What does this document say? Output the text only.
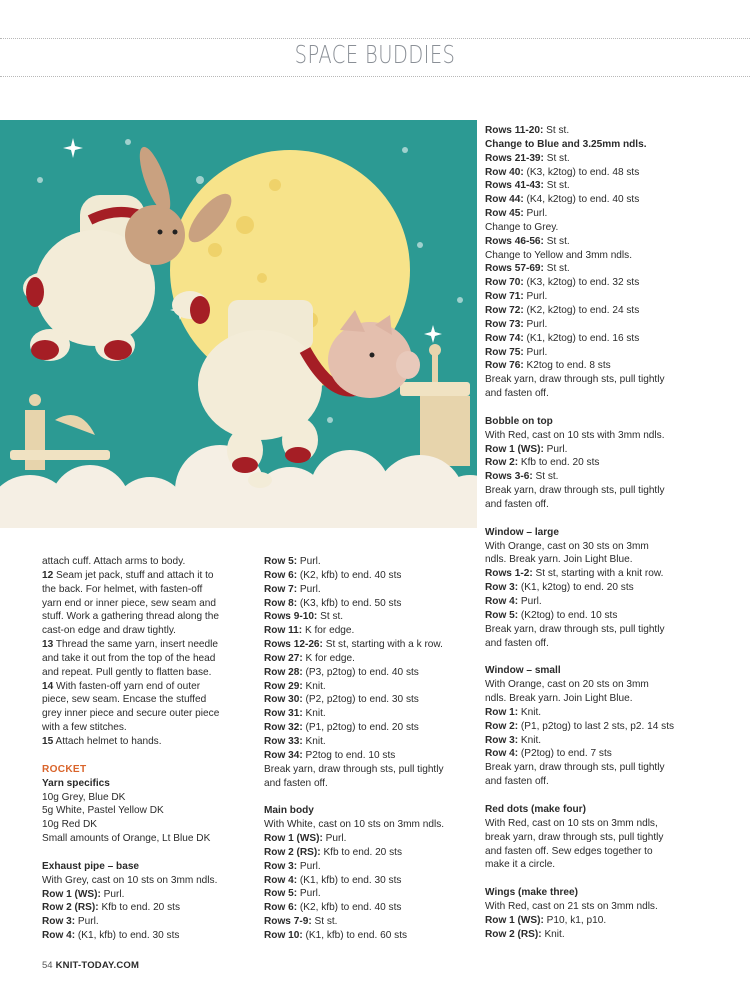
SPACE BUDDIES

attach cuff. Attach arms to body.

12 Seam jet pack, stuff and attach it to

the back. For helmet, with fasten-off

yarn end or inner piece, sew seam and

stuff. Work a gathering thread along the

cast-on edge and draw tightly.

13 Thread the same yarn, insert needle

and take it out from the top of the head

and repeat. Pull gently to flatten base.

14 With fasten-off yarn end of outer

piece, sew seam. Encase the stuffed

grey inner piece and secure outer piece

with a few stitches.

15 Attach helmet to hands.

ROCKET

Yarn specifics

10g Grey, Blue DK

5g White, Pastel Yellow DK

10g Red DK

Small amounts of Orange, Lt Blue DK

Exhaust pipe – base

With Grey, cast on 10 sts on 3mm ndls.

Row 1 (WS): Purl.

Row 2 (RS): Kfb to end. 20 sts

Row 3: Purl.

Row 4: (K1, kfb) to end. 30 sts

Row 5: Purl.

Row 6: (K2, kfb) to end. 40 sts

Row 7: Purl.

Row 8: (K3, kfb) to end. 50 sts

Rows 9-10: St st.

Row 11: K for edge.

Rows 12-26: St st, starting with a k row.

Row 27: K for edge.

Row 28: (P3, p2tog) to end. 40 sts

Row 29: Knit.

Row 30: (P2, p2tog) to end. 30 sts

Row 31: Knit.

Row 32: (P1, p2tog) to end. 20 sts

Row 33: Knit.

Row 34: P2tog to end. 10 sts

Break yarn, draw through sts, pull tightly

and fasten off.

Main body

With White, cast on 10 sts on 3mm ndls.

Row 1 (WS): Purl.

Row 2 (RS): Kfb to end. 20 sts

Row 3: Purl.

Row 4: (K1, kfb) to end. 30 sts

Row 5: Purl.

Row 6: (K2, kfb) to end. 40 sts

Rows 7-9: St st.

Row 10: (K1, kfb) to end. 60 sts

Rows 11-20: St st.

Change to Blue and 3.25mm ndls.

Rows 21-39: St st.

Row 40: (K3, k2tog) to end. 48 sts

Rows 41-43: St st.

Row 44: (K4, k2tog) to end. 40 sts

Row 45: Purl.

Change to Grey.

Rows 46-56: St st.

Change to Yellow and 3mm ndls.

Rows 57-69: St st.

Row 70: (K3, k2tog) to end. 32 sts

Row 71: Purl.

Row 72: (K2, k2tog) to end. 24 sts

Row 73: Purl.

Row 74: (K1, k2tog) to end. 16 sts

Row 75: Purl.

Row 76: K2tog to end. 8 sts

Break yarn, draw through sts, pull tightly

and fasten off.

Bobble on top

With Red, cast on 10 sts with 3mm ndls.

Row 1 (WS): Purl.

Row 2: Kfb to end. 20 sts

Rows 3-6: St st.

Break yarn, draw through sts, pull tightly

and fasten off.

Window – large

With Orange, cast on 30 sts on 3mm

ndls. Break yarn. Join Light Blue.

Rows 1-2: St st, starting with a knit row.

Row 3: (K1, k2tog) to end. 20 sts

Row 4: Purl.

Row 5: (K2tog) to end. 10 sts

Break yarn, draw through sts, pull tightly

and fasten off.

Window – small

With Orange, cast on 20 sts on 3mm

ndls. Break yarn. Join Light Blue.

Row 1: Knit.

Row 2: (P1, p2tog) to last 2 sts, p2. 14 sts

Row 3: Knit.

Row 4: (P2tog) to end. 7 sts

Break yarn, draw through sts, pull tightly

and fasten off.

Red dots (make four)

With Red, cast on 10 sts on 3mm ndls,

break yarn, draw through sts, pull tightly

and fasten off. Sew edges together to

make it a circle.

Wings (make three)

With Red, cast on 21 sts on 3mm ndls.

Row 1 (WS): P10, k1, p10.

Row 2 (RS): Knit.

54 KNIT-TODAY.COM
